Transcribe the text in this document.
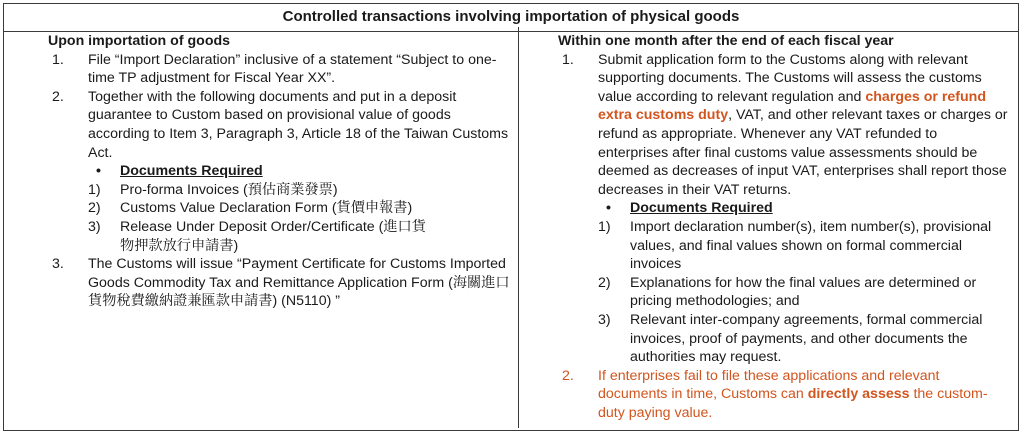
Controlled transactions involving importation of physical goods
Upon importation of goods
1. File “Import Declaration” inclusive of a statement “Subject to one-time TP adjustment for Fiscal Year XX”.
2. Together with the following documents and put in a deposit guarantee to Custom based on provisional value of goods according to Item 3, Paragraph 3, Article 18 of the Taiwan Customs Act.
• Documents Required
1) Pro-forma Invoices (預估商業發票)
2) Customs Value Declaration Form (貨價申報書)
3) Release Under Deposit Order/Certificate (進口貨物押款放行申請書)
3. The Customs will issue “Payment Certificate for Customs Imported Goods Commodity Tax and Remittance Application Form (海關進口貨物稅費繳納證兼匯款申請書) (N5110) ”
Within one month after the end of each fiscal year
1. Submit application form to the Customs along with relevant supporting documents. The Customs will assess the customs value according to relevant regulation and charges or refund extra customs duty, VAT, and other relevant taxes or charges or refund as appropriate. Whenever any VAT refunded to enterprises after final customs value assessments should be deemed as decreases of input VAT, enterprises shall report those decreases in their VAT returns.
• Documents Required
1) Import declaration number(s), item number(s), provisional values, and final values shown on formal commercial invoices
2) Explanations for how the final values are determined or pricing methodologies; and
3) Relevant inter-company agreements, formal commercial invoices, proof of payments, and other documents the authorities may request.
2. If enterprises fail to file these applications and relevant documents in time, Customs can directly assess the custom-duty paying value.
